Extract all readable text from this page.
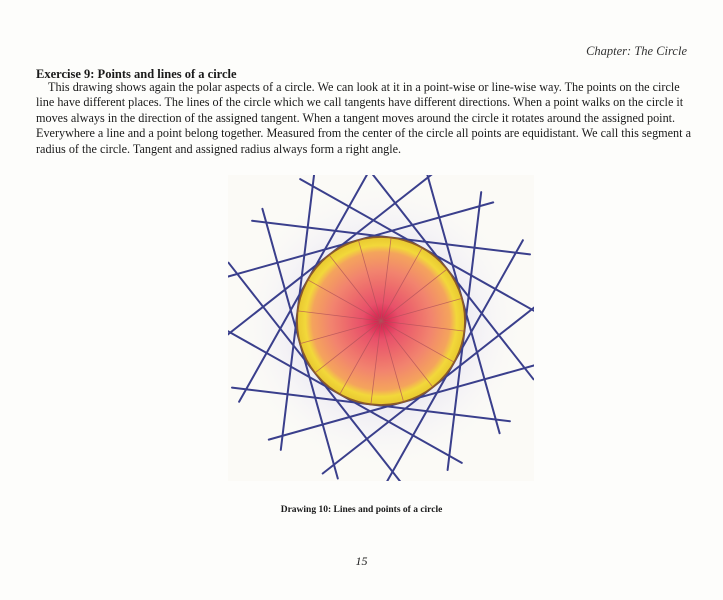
Chapter: The Circle
Exercise 9: Points and lines of a circle

This drawing shows again the polar aspects of a circle. We can look at it in a point-wise or line-wise way. The points on the circle line have different places. The lines of the circle which we call tangents have different directions. When a point walks on the circle it moves always in the direction of the assigned tangent. When a tangent moves around the circle it rotates around the assigned point. Everywhere a line and a point belong together. Measured from the center of the circle all points are equidistant. We call this segment a radius of the circle. Tangent and assigned radius always form a right angle.

Drawing 10: Lines and points of a circle
15
